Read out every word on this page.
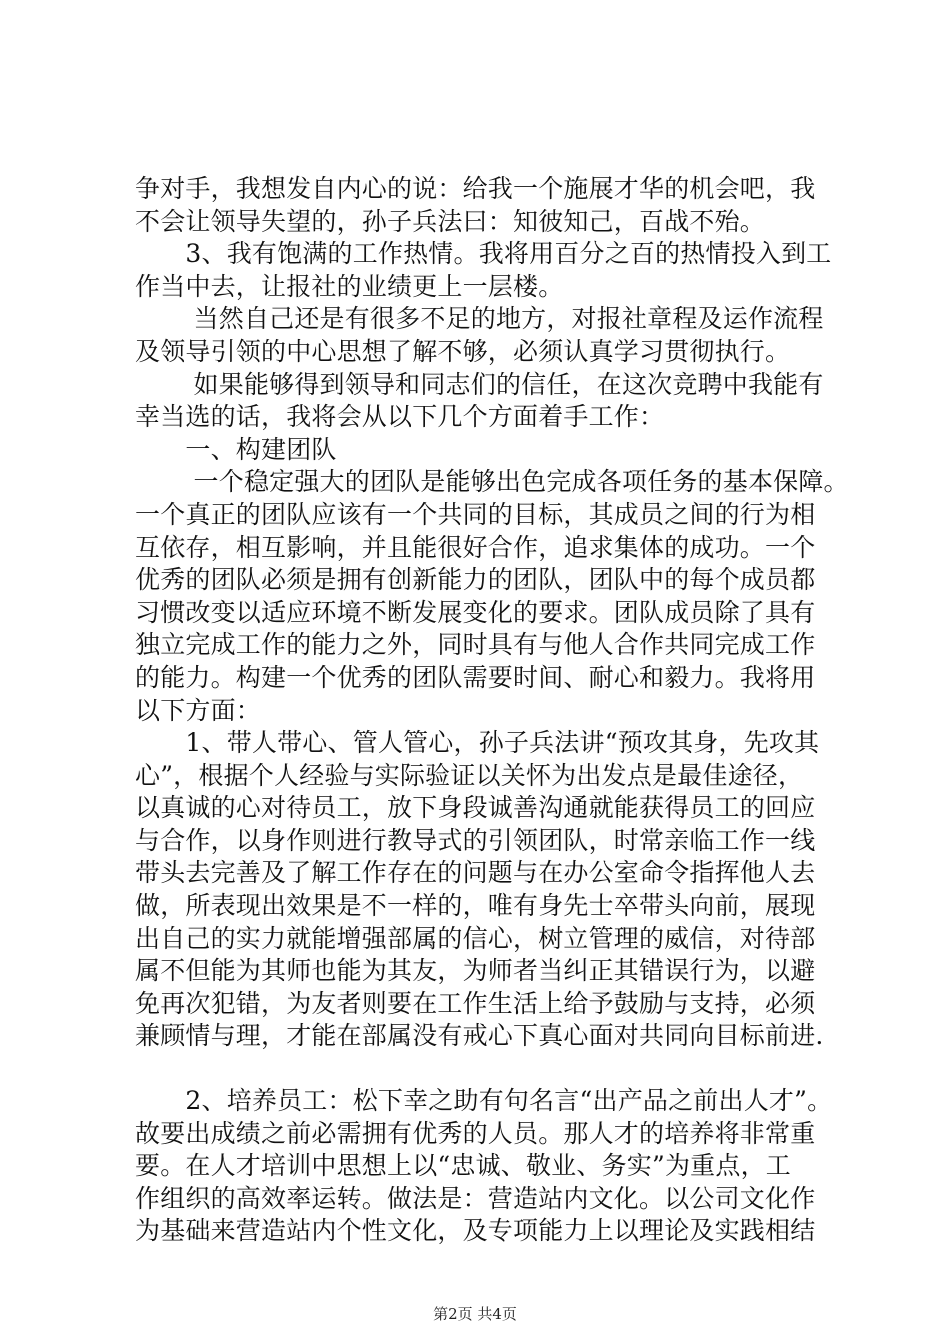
争对手，我想发自内心的说：给我一个施展才华的机会吧，我
不会让领导失望的，孙子兵法曰：知彼知己，百战不殆。
　　3、我有饱满的工作热情。我将用百分之百的热情投入到工
作当中去，让报社的业绩更上一层楼。
　　 当然自己还是有很多不足的地方，对报社章程及运作流程
及领导引领的中心思想了解不够，必须认真学习贯彻执行。
　　 如果能够得到领导和同志们的信任，在这次竞聘中我能有
幸当选的话，我将会从以下几个方面着手工作：
　　一、构建团队
　　 一个稳定强大的团队是能够出色完成各项任务的基本保障。
一个真正的团队应该有一个共同的目标，其成员之间的行为相
互依存，相互影响，并且能很好合作，追求集体的成功。一个
优秀的团队必须是拥有创新能力的团队，团队中的每个成员都
习惯改变以适应环境不断发展变化的要求。团队成员除了具有
独立完成工作的能力之外，同时具有与他人合作共同完成工作
的能力。构建一个优秀的团队需要时间、耐心和毅力。我将用
以下方面：
　　1、带人带心、管人管心，孙子兵法讲“预攻其身，先攻其
心”，根据个人经验与实际验证以关怀为出发点是最佳途径，
以真诚的心对待员工，放下身段诚善沟通就能获得员工的回应
与合作，以身作则进行教导式的引领团队，时常亲临工作一线
带头去完善及了解工作存在的问题与在办公室命令指挥他人去
做，所表现出效果是不一样的，唯有身先士卒带头向前，展现
出自己的实力就能增强部属的信心，树立管理的威信，对待部
属不但能为其师也能为其友，为师者当纠正其错误行为，以避
免再次犯错，为友者则要在工作生活上给予鼓励与支持，必须
兼顾情与理，才能在部属没有戒心下真心面对共同向目标前进.
　　2、培养员工：松下幸之助有句名言“出产品之前出人才”。
故要出成绩之前必需拥有优秀的人员。那人才的培养将非常重
要。在人才培训中思想上以“忠诚、敬业、务实”为重点，工
作组织的高效率运转。做法是：营造站内文化。以公司文化作
为基础来营造站内个性文化，及专项能力上以理论及实践相结
第2页 共4页
